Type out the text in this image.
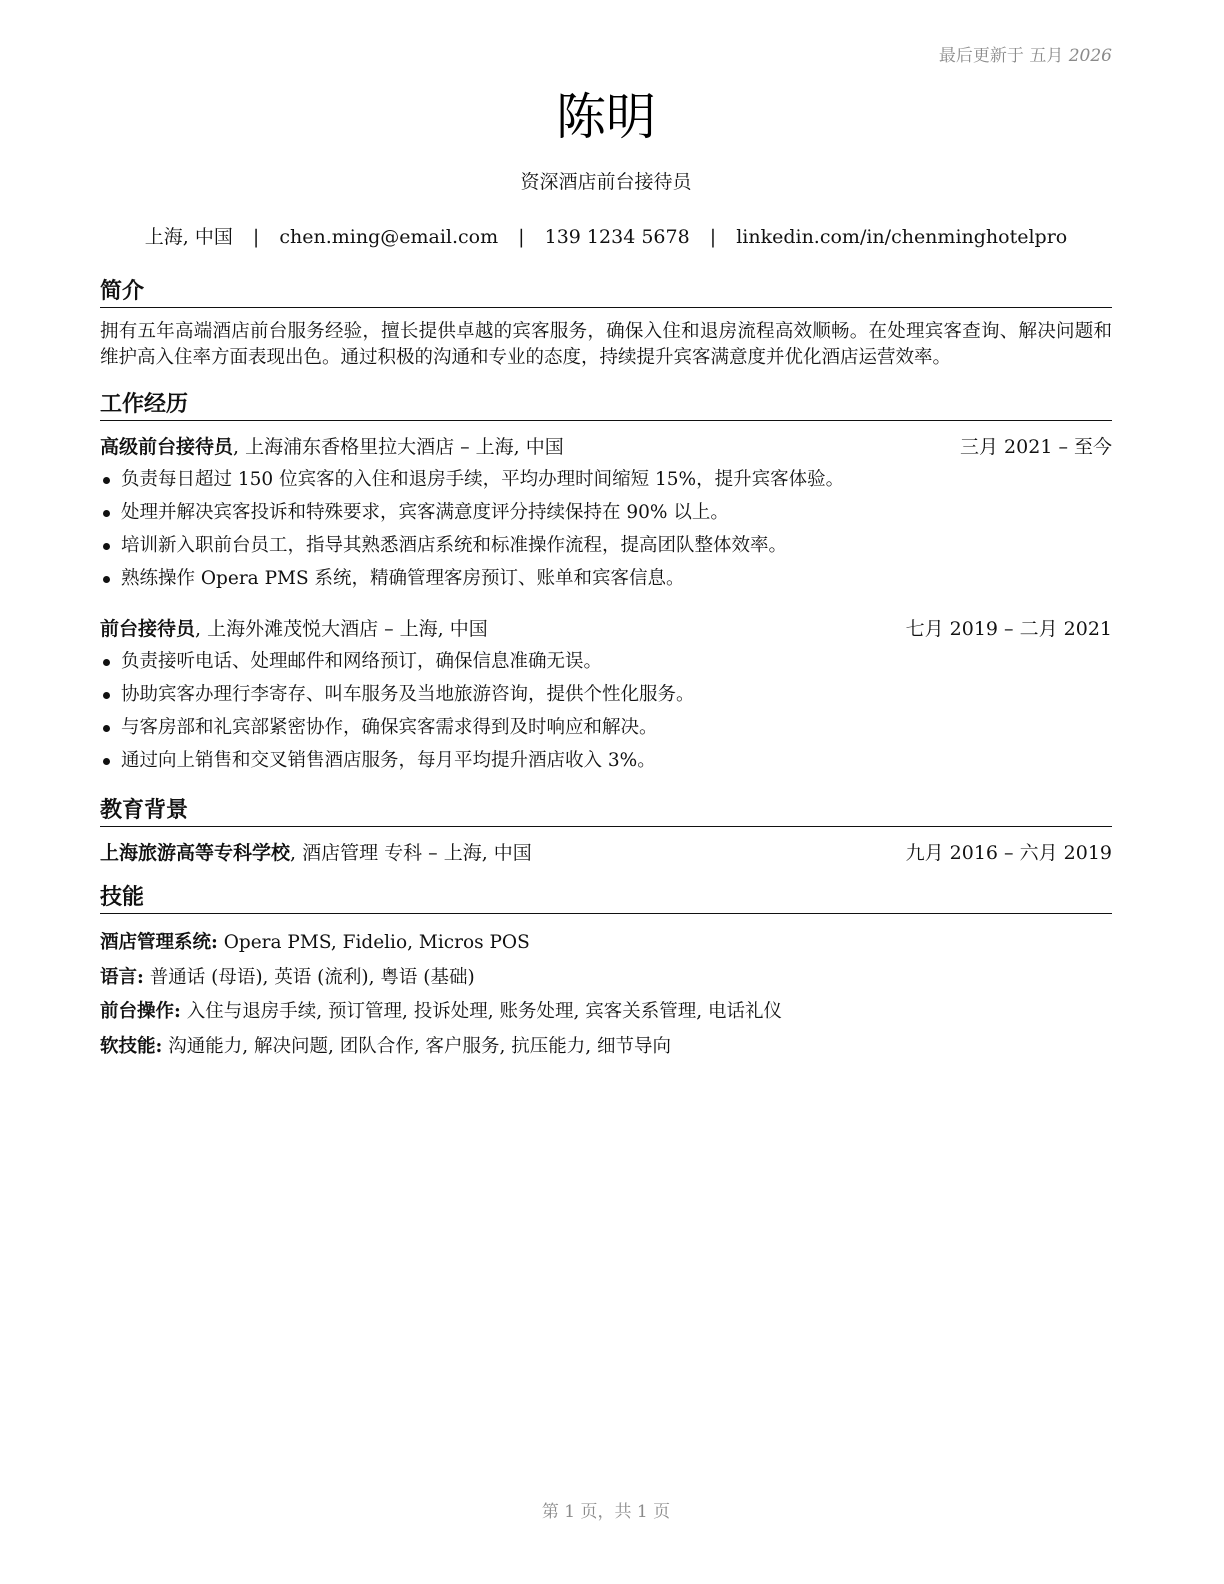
最后更新于 五月 2026
陈明
资深酒店前台接待员
上海, 中国 | chen.ming@email.com | 139 1234 5678 | linkedin.com/in/chenminghotelpro
简介

拥有五年高端酒店前台服务经验，擅长提供卓越的宾客服务，确保入住和退房流程高效顺畅。在处理宾客查询、解决问题和维护高入住率方面表现出色。通过积极的沟通和专业的态度，持续提升宾客满意度并优化酒店运营效率。

工作经历
高级前台接待员, 上海浦东香格里拉大酒店 – 上海, 中国	三月 2021 – 至今
负责每日超过 150 位宾客的入住和退房手续，平均办理时间缩短 15%，提升宾客体验。
处理并解决宾客投诉和特殊要求，宾客满意度评分持续保持在 90% 以上。
培训新入职前台员工，指导其熟悉酒店系统和标准操作流程，提高团队整体效率。
熟练操作 Opera PMS 系统，精确管理客房预订、账单和宾客信息。
前台接待员, 上海外滩茂悦大酒店 – 上海, 中国	七月 2019 – 二月 2021
负责接听电话、处理邮件和网络预订，确保信息准确无误。
协助宾客办理行李寄存、叫车服务及当地旅游咨询，提供个性化服务。
与客房部和礼宾部紧密协作，确保宾客需求得到及时响应和解决。
通过向上销售和交叉销售酒店服务，每月平均提升酒店收入 3%。
教育背景
上海旅游高等专科学校, 酒店管理 专科 – 上海, 中国	九月 2016 – 六月 2019
技能
酒店管理系统: Opera PMS, Fidelio, Micros POS
语言: 普通话 (母语), 英语 (流利), 粤语 (基础)
前台操作: 入住与退房手续, 预订管理, 投诉处理, 账务处理, 宾客关系管理, 电话礼仪
软技能: 沟通能力, 解决问题, 团队合作, 客户服务, 抗压能力, 细节导向
第 1 页，共 1 页
